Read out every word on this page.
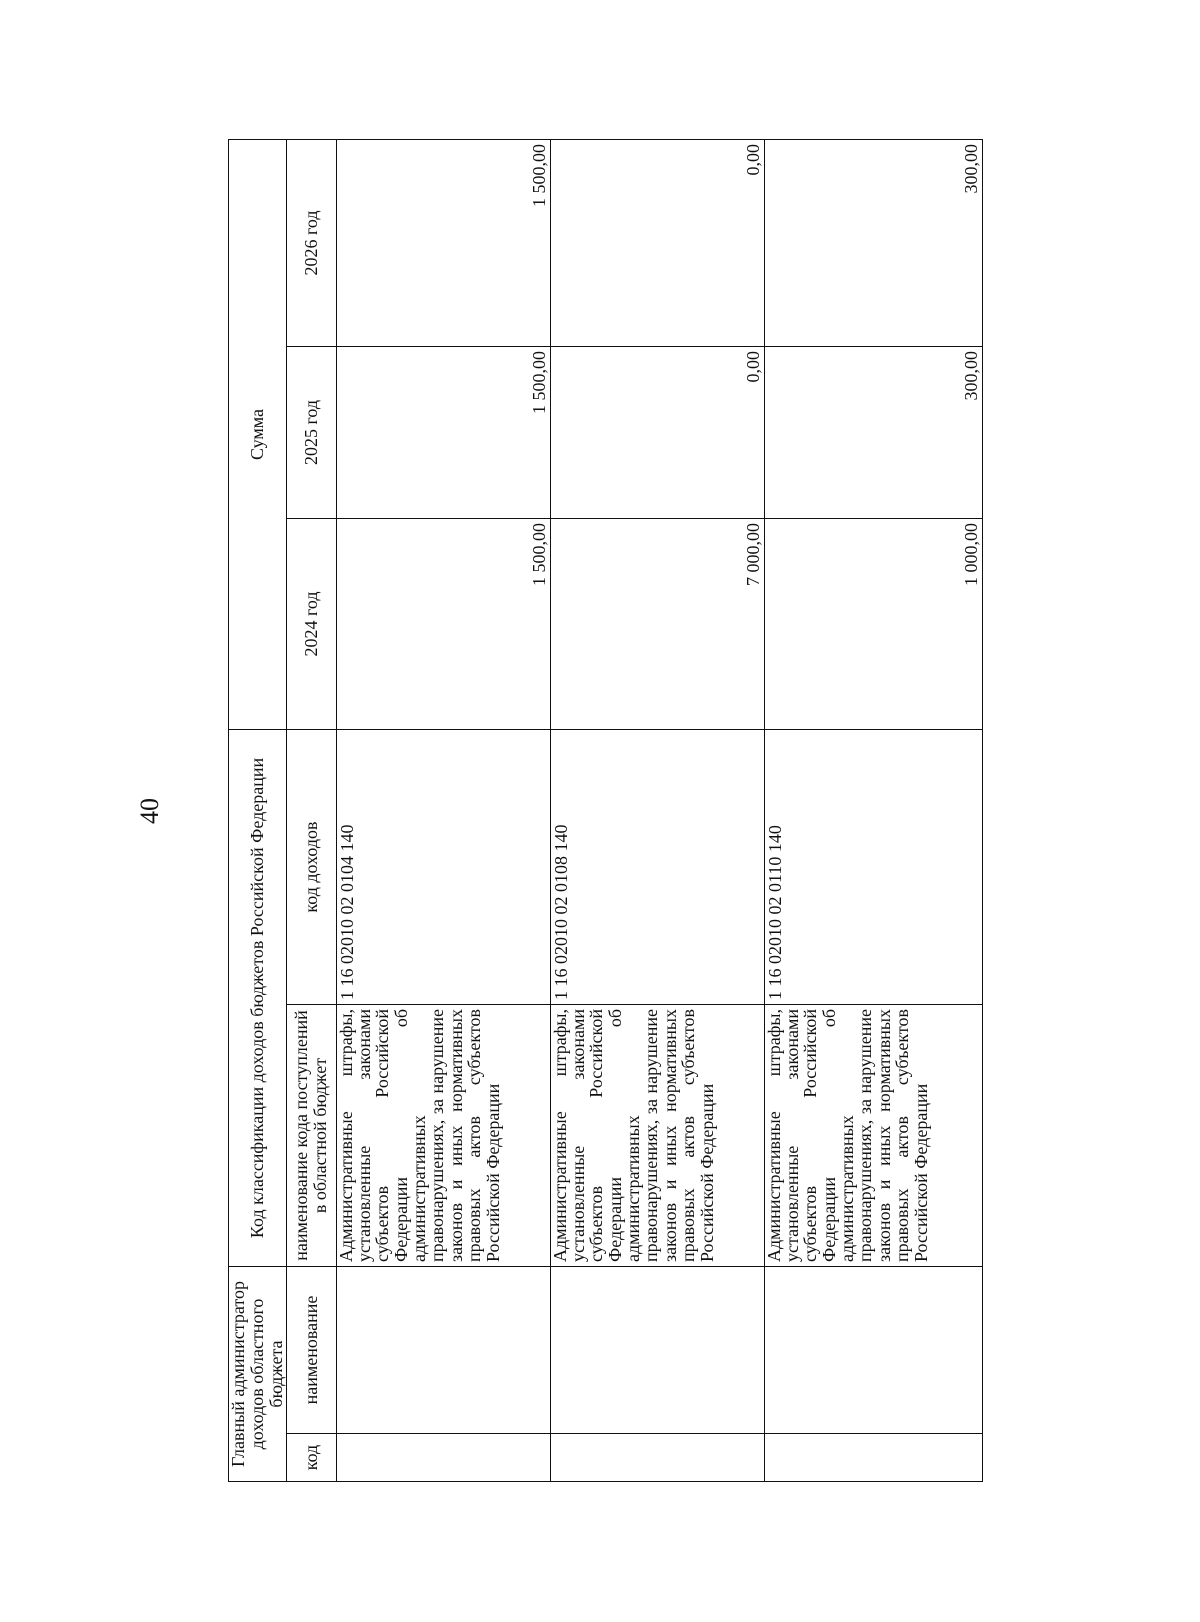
40
Главный администратор доходов областного бюджета		Код классификации доходов бюджетов Российской Федерации		Сумма		
код	наименование	наименование кода поступлений в областной бюджет	код доходов	2024 год	2025 год	2026 год
		Административные штрафы, установленные законами субъектов Российской Федерации об административных правонарушениях, за нарушение законов и иных нормативных правовых актов субъектов Российской Федерации	1 16 02010 02 0104 140	1 500,00	1 500,00	1 500,00
		Административные штрафы, установленные законами субъектов Российской Федерации об административных правонарушениях, за нарушение законов и иных нормативных правовых актов субъектов Российской Федерации	1 16 02010 02 0108 140	7 000,00	0,00	0,00
		Административные штрафы, установленные законами субъектов Российской Федерации об административных правонарушениях, за нарушение законов и иных нормативных правовых актов субъектов Российской Федерации	1 16 02010 02 0110 140	1 000,00	300,00	300,00
